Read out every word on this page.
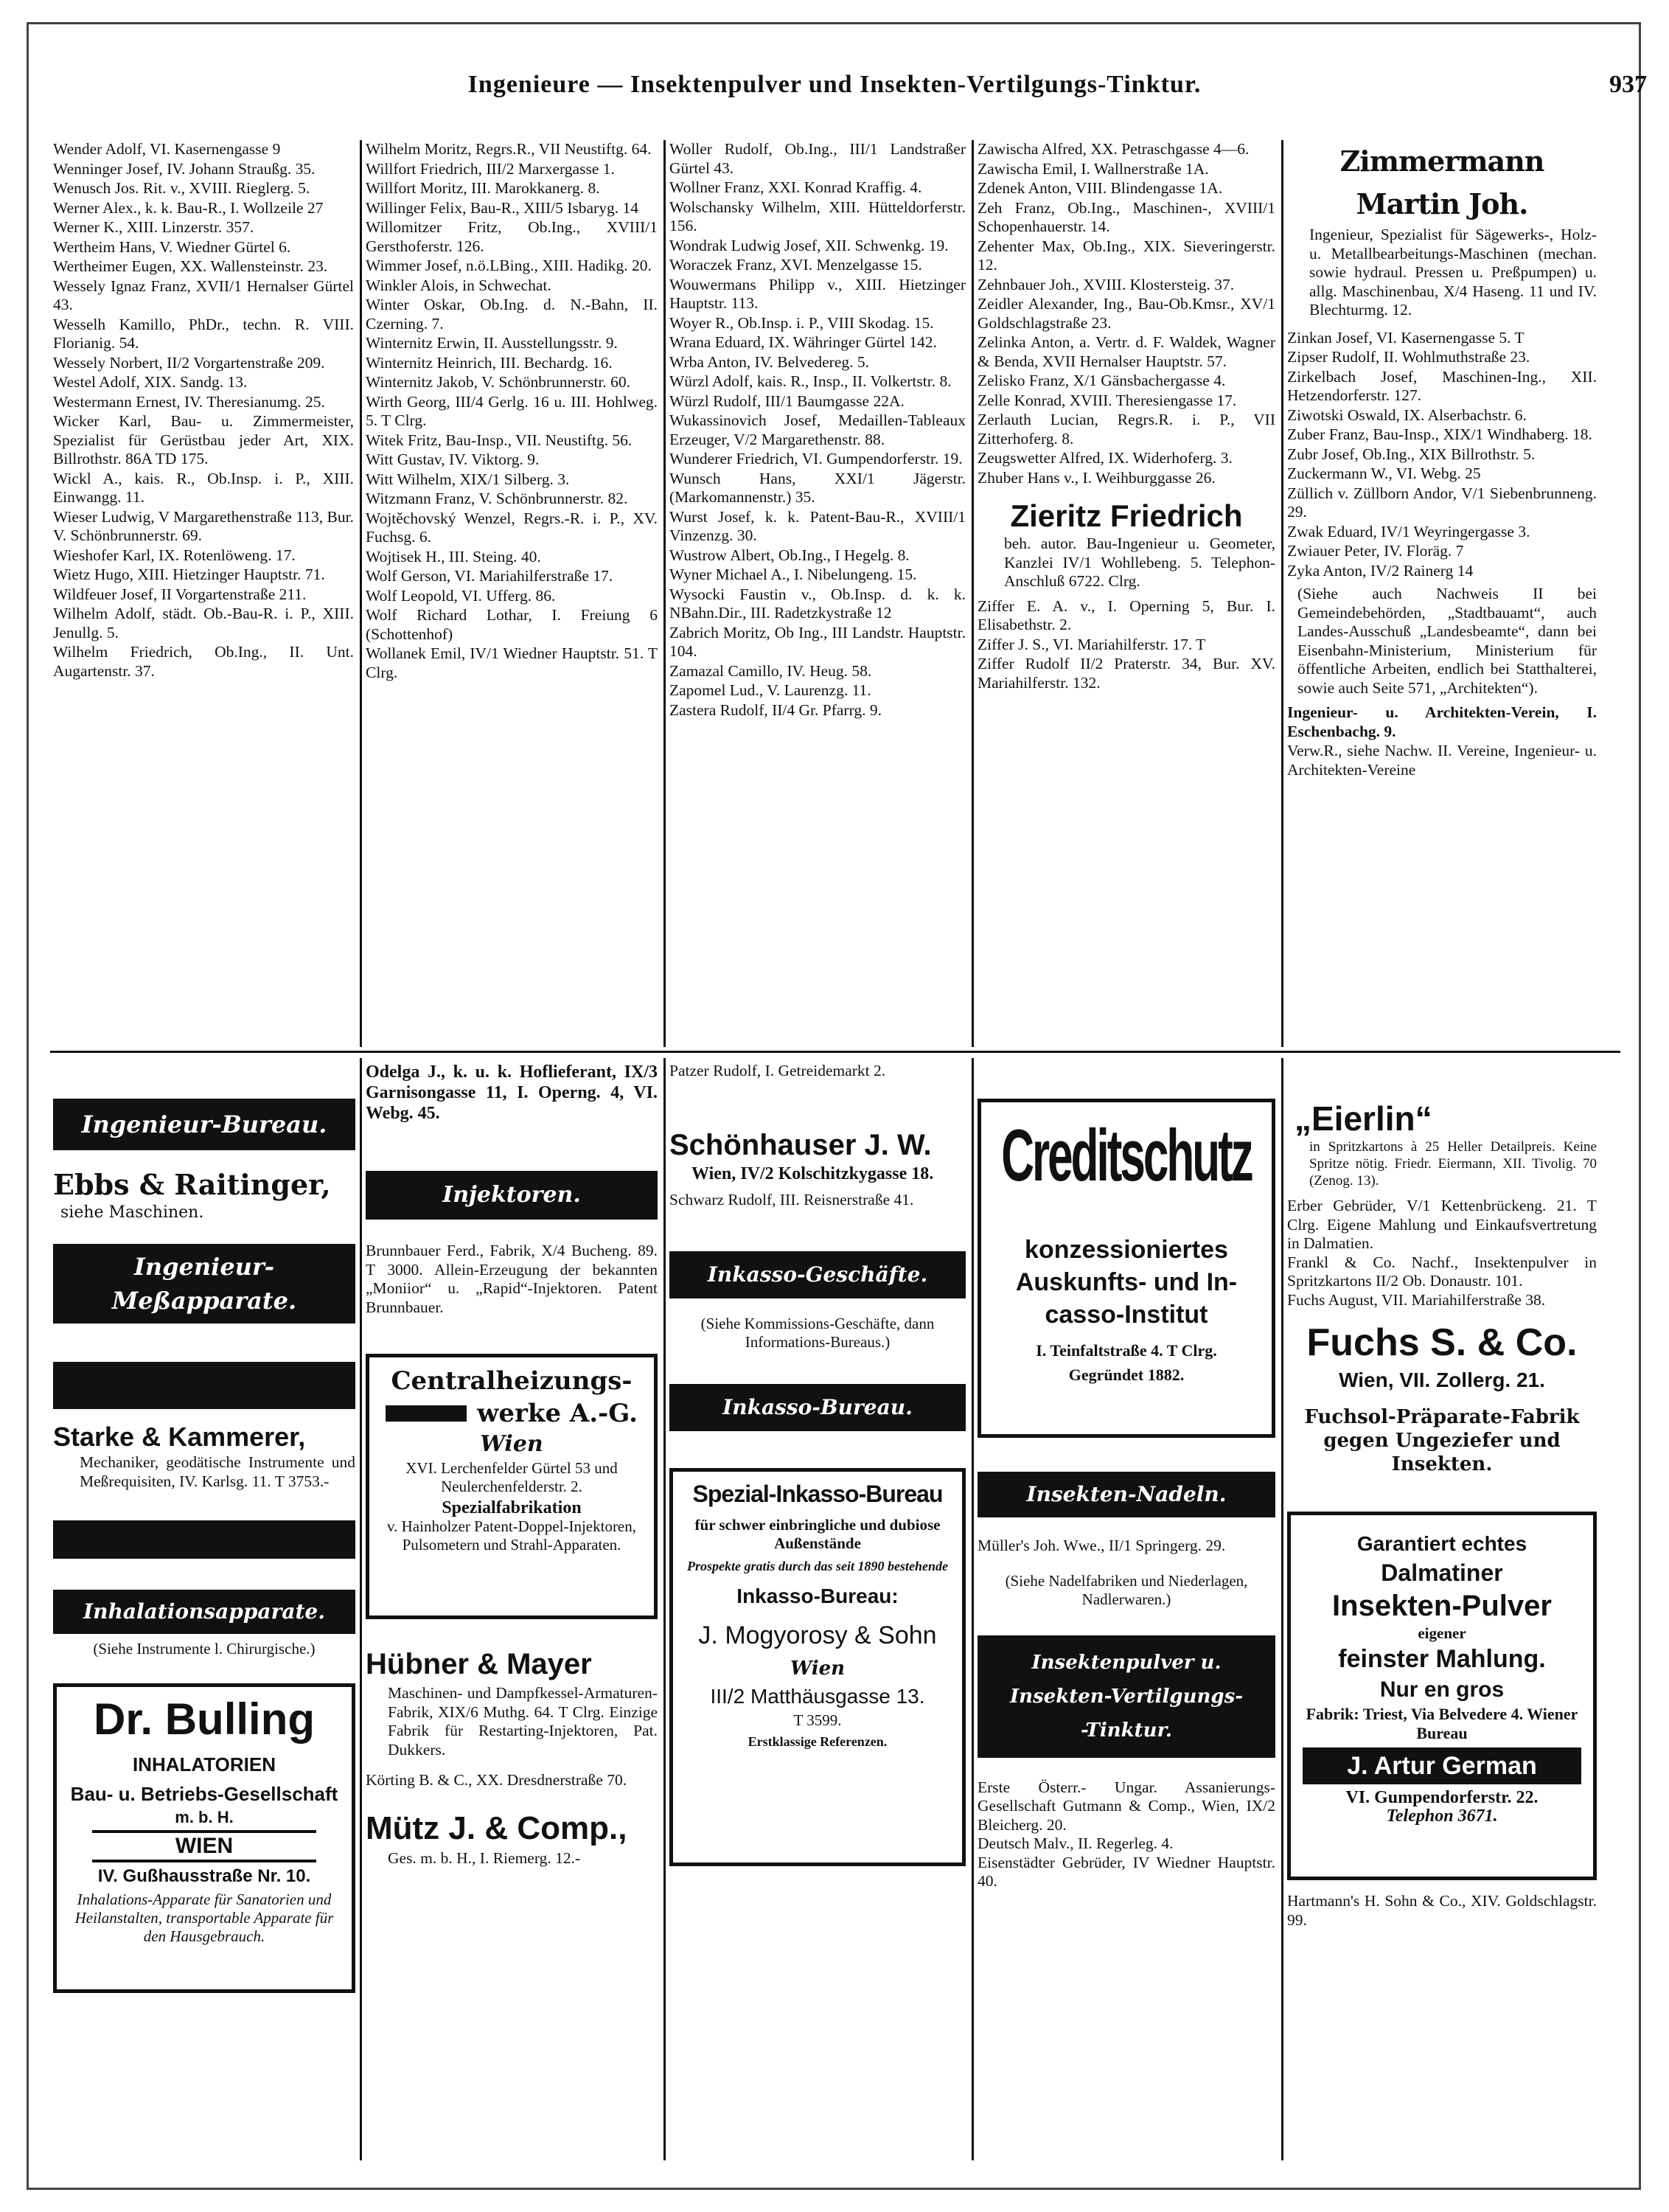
Ingenieure — Insektenpulver und Insekten-Vertilgungs-Tinktur.	937
Wender Adolf, VI. Kasernengasse 9
Wenninger Josef, IV. Johann Straußg. 35.
Wenusch Jos. Rit. v., XVIII. Rieglerg. 5.
Werner Alex., k. k. Bau-R., I. Wollzeile 27
Werner K., XIII. Linzerstr. 357.
Wertheim Hans, V. Wiedner Gürtel 6.
Wertheimer Eugen, XX. Wallensteinstr. 23.
Wessely Ignaz Franz, XVII/1 Hernalser Gürtel 43.
Wesselh Kamillo, PhDr., techn. R. VIII. Florianig. 54.
Wessely Norbert, II/2 Vorgartenstraße 209.
Westel Adolf, XIX. Sandg. 13.
Westermann Ernest, IV. Theresianumg. 25.
Wicker Karl, Bau- u. Zimmermeister, Spezialist für Gerüstbau jeder Art, XIX. Billrothstr. 86A TD 175.
Wickl A., kais. R., Ob.Insp. i. P., XIII. Einwangg. 11.
Wieser Ludwig, V Margarethenstraße 113, Bur. V. Schönbrunnerstr. 69.
Wieshofer Karl, IX. Rotenlöweng. 17.
Wietz Hugo, XIII. Hietzinger Hauptstr. 71.
Wildfeuer Josef, II Vorgartenstraße 211.
Wilhelm Adolf, städt. Ob.-Bau-R. i. P., XIII. Jenullg. 5.
Wilhelm Friedrich, Ob.Ing., II. Unt. Augartenstr. 37.
Wilhelm Moritz, Regrs.R., VII Neustiftg. 64.
Willfort Friedrich, III/2 Marxergasse 1.
Willfort Moritz, III. Marokkanerg. 8.
Willinger Felix, Bau-R., XIII/5 Isbaryg. 14
Willomitzer Fritz, Ob.Ing., XVIII/1 Gersthoferstr. 126.
Wimmer Josef, n.ö.LBing., XIII. Hadikg. 20.
Winkler Alois, in Schwechat.
Winter Oskar, Ob.Ing. d. N.-Bahn, II. Czerning. 7.
Winternitz Erwin, II. Ausstellungsstr. 9.
Winternitz Heinrich, III. Bechardg. 16.
Winternitz Jakob, V. Schönbrunnerstr. 60.
Wirth Georg, III/4 Gerlg. 16 u. III. Hohlweg. 5. T Clrg.
Witek Fritz, Bau-Insp., VII. Neustiftg. 56.
Witt Gustav, IV. Viktorg. 9.
Witt Wilhelm, XIX/1 Silberg. 3.
Witzmann Franz, V. Schönbrunnerstr. 82.
Wojtěchovský Wenzel, Regrs.-R. i. P., XV. Fuchsg. 6.
Wojtisek H., III. Steing. 40.
Wolf Gerson, VI. Mariahilferstraße 17.
Wolf Leopold, VI. Ufferg. 86.
Wolf Richard Lothar, I. Freiung 6 (Schottenhof)
Wollanek Emil, IV/1 Wiedner Hauptstr. 51. T Clrg.
Woller Rudolf, Ob.Ing., III/1 Landstraßer Gürtel 43.
Wollner Franz, XXI. Konrad Kraffig. 4.
Wolschansky Wilhelm, XIII. Hütteldorferstr. 156.
Wondrak Ludwig Josef, XII. Schwenkg. 19.
Woraczek Franz, XVI. Menzelgasse 15.
Wouwermans Philipp v., XIII. Hietzinger Hauptstr. 113.
Woyer R., Ob.Insp. i. P., VIII Skodag. 15.
Wrana Eduard, IX. Währinger Gürtel 142.
Wrba Anton, IV. Belvedereg. 5.
Würzl Adolf, kais. R., Insp., II. Volkertstr. 8.
Würzl Rudolf, III/1 Baumgasse 22A.
Wukassinovich Josef, Medaillen-Tableaux Erzeuger, V/2 Margarethenstr. 88.
Wunderer Friedrich, VI. Gumpendorferstr. 19.
Wunsch Hans, XXI/1 Jägerstr. (Markomannenstr.) 35.
Wurst Josef, k. k. Patent-Bau-R., XVIII/1 Vinzenzg. 30.
Wustrow Albert, Ob.Ing., I Hegelg. 8.
Wyner Michael A., I. Nibelungeng. 15.
Wysocki Faustin v., Ob.Insp. d. k. k. NBahn.Dir., III. Radetzkystraße 12
Zabrich Moritz, Ob Ing., III Landstr. Hauptstr. 104.
Zamazal Camillo, IV. Heug. 58.
Zapomel Lud., V. Laurenzg. 11.
Zastera Rudolf, II/4 Gr. Pfarrg. 9.
Zawischa Alfred, XX. Petraschgasse 4—6.
Zawischa Emil, I. Wallnerstraße 1A.
Zdenek Anton, VIII. Blindengasse 1A.
Zeh Franz, Ob.Ing., Maschinen-, XVIII/1 Schopenhauerstr. 14.
Zehenter Max, Ob.Ing., XIX. Sieveringerstr. 12.
Zehnbauer Joh., XVIII. Klostersteig. 37.
Zeidler Alexander, Ing., Bau-Ob.Kmsr., XV/1 Goldschlagstraße 23.
Zelinka Anton, a. Vertr. d. F. Waldek, Wagner & Benda, XVII Hernalser Hauptstr. 57.
Zelisko Franz, X/1 Gänsbachergasse 4.
Zelle Konrad, XVIII. Theresiengasse 17.
Zerlauth Lucian, Regrs.R. i. P., VII Zitterhoferg. 8.
Zeugswetter Alfred, IX. Widerhoferg. 3.
Zhuber Hans v., I. Weihburggasse 26.
Zieritz Friedrich
beh. autor. Bau-Ingenieur u. Geometer, Kanzlei IV/1 Wohllebeng. 5. Telephon-Anschluß 6722. Clrg.
Ziffer E. A. v., I. Operning 5, Bur. I. Elisabethstr. 2.
Ziffer J. S., VI. Mariahilferstr. 17. T
Ziffer Rudolf II/2 Praterstr. 34, Bur. XV. Mariahilferstr. 132.
Zimmermann Martin Joh.
Ingenieur, Spezialist für Sägewerks-, Holz- u. Metallbearbeitungs-Maschinen (mechan. sowie hydraul. Pressen u. Preßpumpen) u. allg. Maschinenbau, X/4 Haseng. 11 und IV. Blechturmg. 12.
Zinkan Josef, VI. Kasernengasse 5. T
Zipser Rudolf, II. Wohlmuthstraße 23.
Zirkelbach Josef, Maschinen-Ing., XII. Hetzendorferstr. 127.
Ziwotski Oswald, IX. Alserbachstr. 6.
Zuber Franz, Bau-Insp., XIX/1 Windhaberg. 18.
Zubr Josef, Ob.Ing., XIX Billrothstr. 5.
Zuckermann W., VI. Webg. 25
Züllich v. Züllborn Andor, V/1 Siebenbrunneng. 29.
Zwak Eduard, IV/1 Weyringergasse 3.
Zwiauer Peter, IV. Floräg. 7
Zyka Anton, IV/2 Rainerg 14
(Siehe auch Nachweis II bei Gemeindebehörden, „Stadtbauamt“, auch Landes-Ausschuß „Landesbeamte“, dann bei Eisenbahn-Ministerium, Ministerium für öffentliche Arbeiten, endlich bei Statthalterei, sowie auch Seite 571, „Architekten“).
Ingenieur- u. Architekten-Verein, I. Eschenbachg. 9.
Verw.R., siehe Nachw. II. Vereine, Ingenieur- u. Architekten-Vereine
Ingenieur-Bureau.
Ebbs & Raitinger,
siehe Maschinen.
Ingenieur-
Meßapparate.
Starke & Kammerer,
Mechaniker, geodätische Instrumente und Meßrequisiten, IV. Karlsg. 11. T 3753.-
Inhalationsapparate.
(Siehe Instrumente l. Chirurgische.)
Dr. Bulling
INHALATORIEN
Bau- u. Betriebs-Gesellschaft
m. b. H.
WIEN
IV. Gußhausstraße Nr. 10.
Inhalations-Apparate für Sanatorien und Heilanstalten, transportable Apparate für den Hausgebrauch.
Odelga J., k. u. k. Hoflieferant, IX/3 Garnisongasse 11, I. Operng. 4, VI. Webg. 45.
Injektoren.
Brunnbauer Ferd., Fabrik, X/4 Bucheng. 89. T 3000. Allein-Erzeugung der bekannten „Moniior“ u. „Rapid“-Injektoren. Patent Brunnbauer.
Centralheizungs-
werke A.-G.
Wien
XVI. Lerchenfelder Gürtel 53 und Neulerchenfelderstr. 2.
Spezialfabrikation
v. Hainholzer Patent-Doppel-Injektoren, Pulsometern und Strahl-Apparaten.
Hübner & Mayer
Maschinen- und Dampfkessel-Armaturen-Fabrik, XIX/6 Muthg. 64. T Clrg. Einzige Fabrik für Restarting-Injektoren, Pat. Dukkers.
Körting B. & C., XX. Dresdnerstraße 70.
Mütz J. & Comp.,
Ges. m. b. H., I. Riemerg. 12.-
Patzer Rudolf, I. Getreidemarkt 2.
Schönhauser J. W.
Wien, IV/2 Kolschitzkygasse 18.
Schwarz Rudolf, III. Reisnerstraße 41.
Inkasso-Geschäfte.
(Siehe Kommissions-Geschäfte, dann Informations-Bureaus.)
Inkasso-Bureau.
Spezial-Inkasso-Bureau
für schwer einbringliche und dubiose Außenstände
Prospekte gratis durch das seit 1890 bestehende
Inkasso-Bureau:
J. Mogyorosy & Sohn
Wien
III/2 Matthäusgasse 13.
T 3599.
Erstklassige Referenzen.
Creditschutz
konzessioniertes
Auskunfts- und In-
casso-Institut
I. Teinfaltstraße 4. T Clrg.
Gegründet 1882.
Insekten-Nadeln.
Müller's Joh. Wwe., II/1 Springerg. 29.
(Siehe Nadelfabriken und Niederlagen, Nadlerwaren.)
Insektenpulver u.
Insekten-Vertilgungs-
-Tinktur.
Erste Österr.- Ungar. Assanierungs- Gesellschaft Gutmann & Comp., Wien, IX/2 Bleicherg. 20.
Deutsch Malv., II. Regerleg. 4.
Eisenstädter Gebrüder, IV Wiedner Hauptstr. 40.
„Eierlin“
in Spritzkartons à 25 Heller Detailpreis. Keine Spritze nötig. Friedr. Eiermann, XII. Tivolig. 70 (Zenog. 13).
Erber Gebrüder, V/1 Kettenbrückeng. 21. T Clrg. Eigene Mahlung und Einkaufsvertretung in Dalmatien.
Frankl & Co. Nachf., Insektenpulver in Spritzkartons II/2 Ob. Donaustr. 101.
Fuchs August, VII. Mariahilferstraße 38.
Fuchs S. & Co.
Wien, VII. Zollerg. 21.
Fuchsol-Präparate-Fabrik gegen Ungeziefer und Insekten.
Garantiert echtes
Dalmatiner
Insekten-Pulver
eigener
feinster Mahlung.
Nur en gros
Fabrik: Triest, Via Belvedere 4. Wiener Bureau
J. Artur German
VI. Gumpendorferstr. 22.
Telephon 3671.
Hartmann's H. Sohn & Co., XIV. Goldschlagstr. 99.
